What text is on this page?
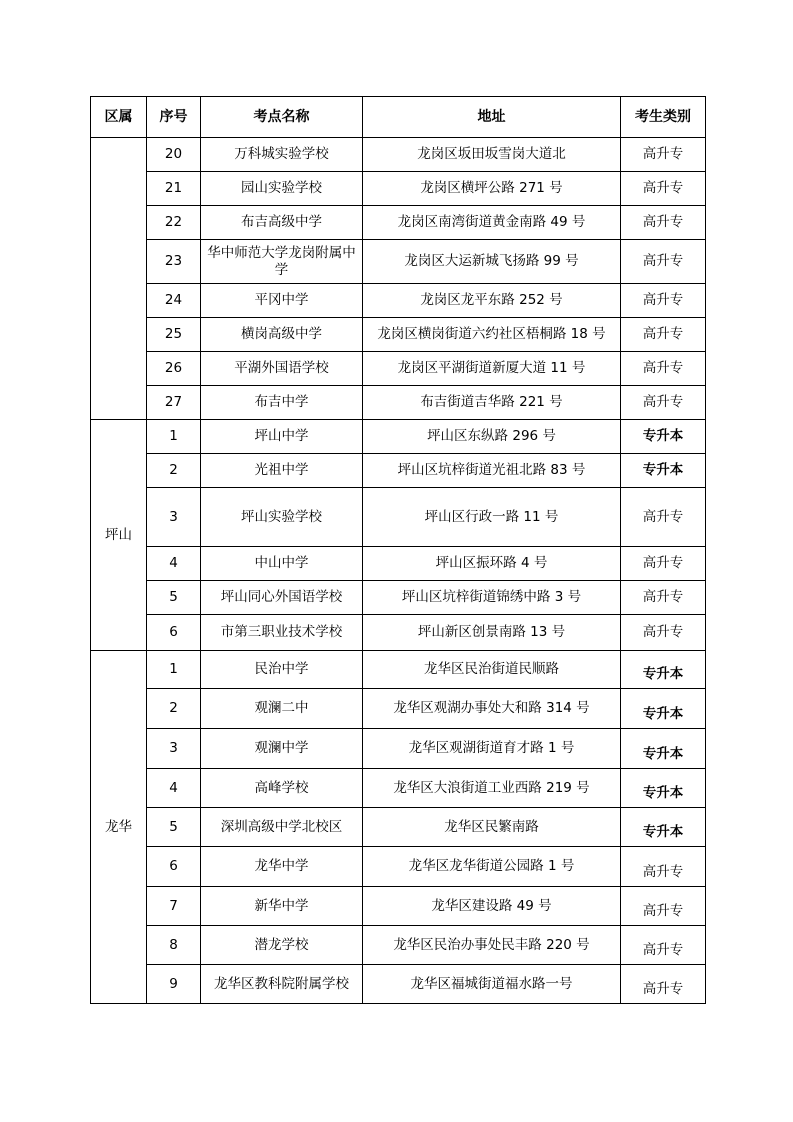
区属	序号	考点名称	地址	考生类别
	20	万科城实验学校	龙岗区坂田坂雪岗大道北	高升专
	21	园山实验学校	龙岗区横坪公路 271 号	高升专
	22	布吉高级中学	龙岗区南湾街道黄金南路 49 号	高升专
	23	华中师范大学龙岗附属中学	龙岗区大运新城飞扬路 99 号	高升专
	24	平冈中学	龙岗区龙平东路 252 号	高升专
	25	横岗高级中学	龙岗区横岗街道六约社区梧桐路 18 号	高升专
	26	平湖外国语学校	龙岗区平湖街道新厦大道 11 号	高升专
	27	布吉中学	布吉街道吉华路 221 号	高升专
坪山	1	坪山中学	坪山区东纵路 296 号	专升本
	2	光祖中学	坪山区坑梓街道光祖北路 83 号	专升本
	3	坪山实验学校	坪山区行政一路 11 号	高升专
	4	中山中学	坪山区振环路 4 号	高升专
	5	坪山同心外国语学校	坪山区坑梓街道锦绣中路 3 号	高升专
	6	市第三职业技术学校	坪山新区创景南路 13 号	高升专
龙华	1	民治中学	龙华区民治街道民顺路	专升本
	2	观澜二中	龙华区观湖办事处大和路 314 号	专升本
	3	观澜中学	龙华区观湖街道育才路 1 号	专升本
	4	高峰学校	龙华区大浪街道工业西路 219 号	专升本
	5	深圳高级中学北校区	龙华区民繁南路	专升本
	6	龙华中学	龙华区龙华街道公园路 1 号	高升专
	7	新华中学	龙华区建设路 49 号	高升专
	8	潜龙学校	龙华区民治办事处民丰路 220 号	高升专
	9	龙华区教科院附属学校	龙华区福城街道福水路一号	高升专
